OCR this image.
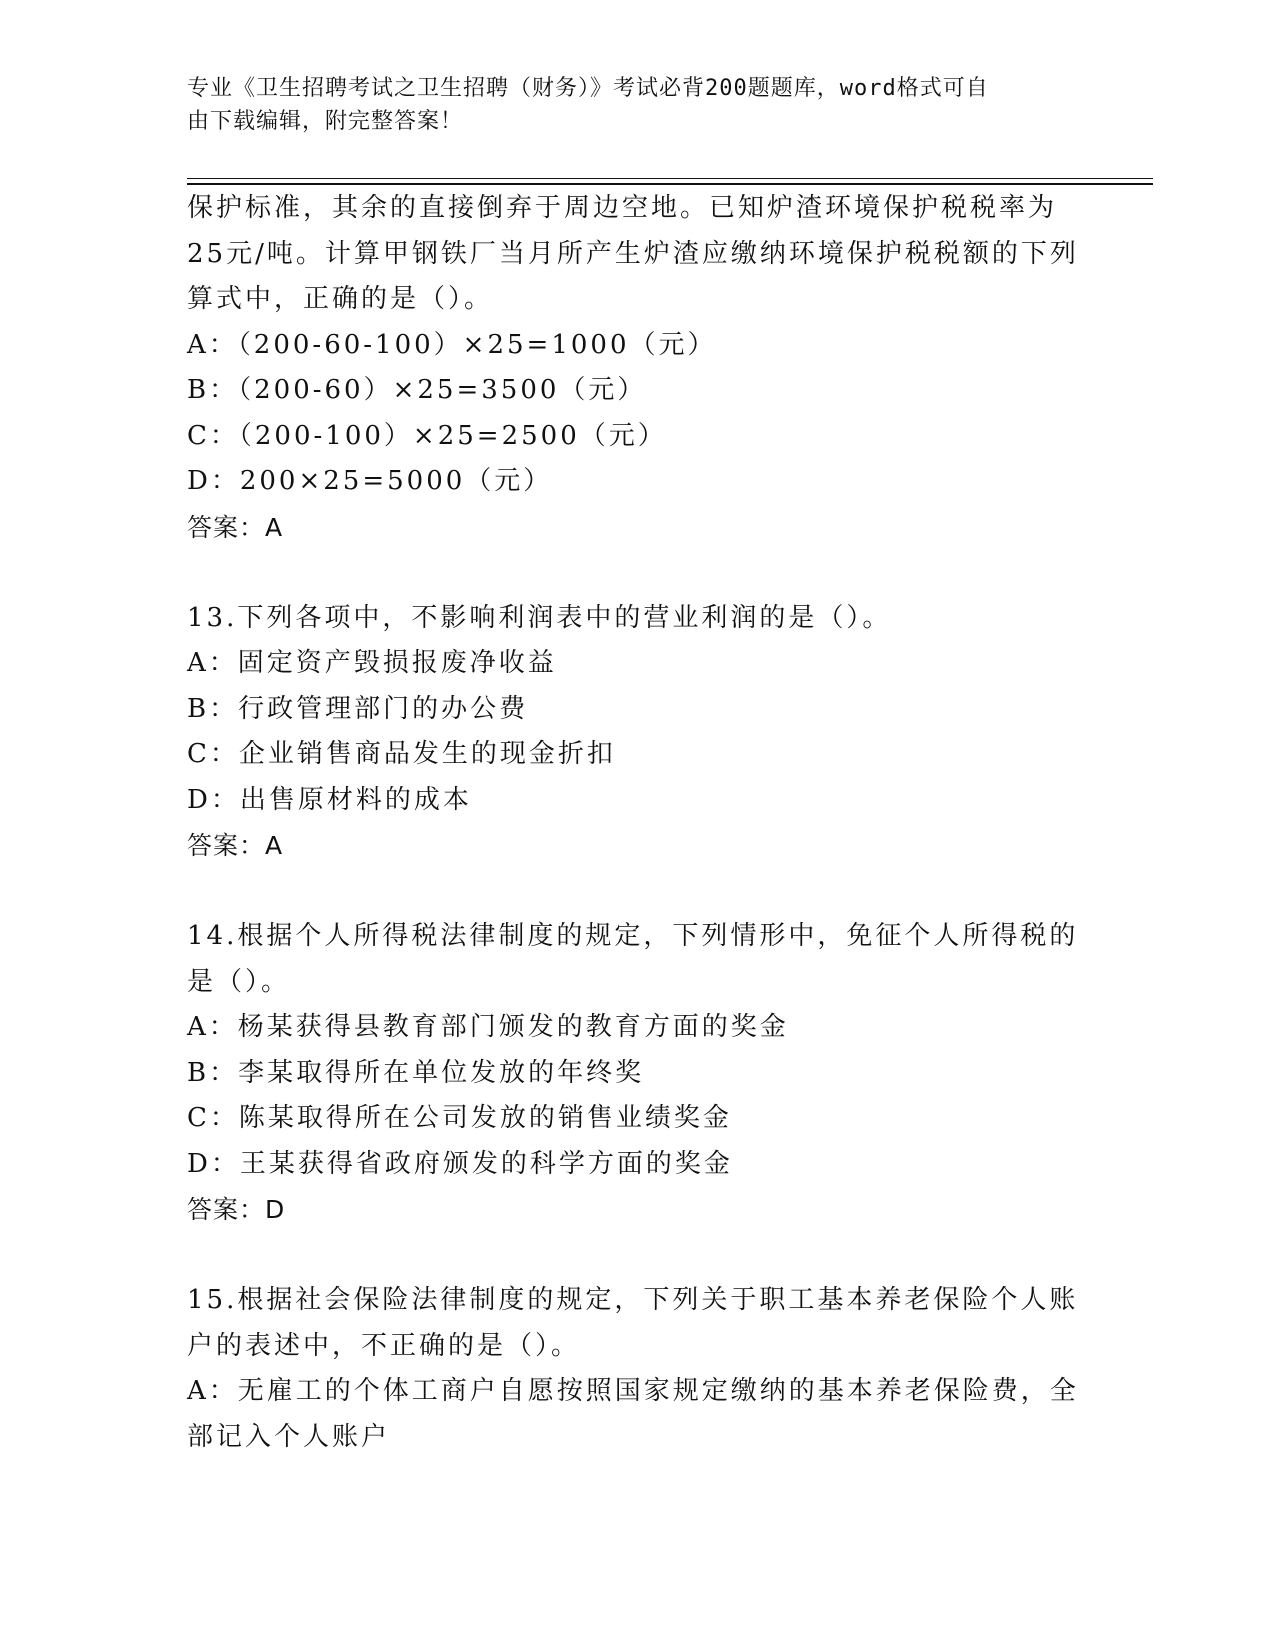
专业《卫生招聘考试之卫生招聘（财务）》考试必背200题题库，word格式可自
由下载编辑，附完整答案！
保护标准，其余的直接倒弃于周边空地。已知炉渣环境保护税税率为
25元/吨。计算甲钢铁厂当月所产生炉渣应缴纳环境保护税税额的下列
算式中，正确的是（）。
A：（200-60-100）×25=1000（元）
B：（200-60）×25=3500（元）
C：（200-100）×25=2500（元）
D：200×25=5000（元）
答案：A
13.下列各项中，不影响利润表中的营业利润的是（）。
A：固定资产毁损报废净收益
B：行政管理部门的办公费
C：企业销售商品发生的现金折扣
D：出售原材料的成本
答案：A
14.根据个人所得税法律制度的规定，下列情形中，免征个人所得税的
是（）。
A：杨某获得县教育部门颁发的教育方面的奖金
B：李某取得所在单位发放的年终奖
C：陈某取得所在公司发放的销售业绩奖金
D：王某获得省政府颁发的科学方面的奖金
答案：D
15.根据社会保险法律制度的规定，下列关于职工基本养老保险个人账
户的表述中，不正确的是（）。
A：无雇工的个体工商户自愿按照国家规定缴纳的基本养老保险费，全
部记入个人账户
